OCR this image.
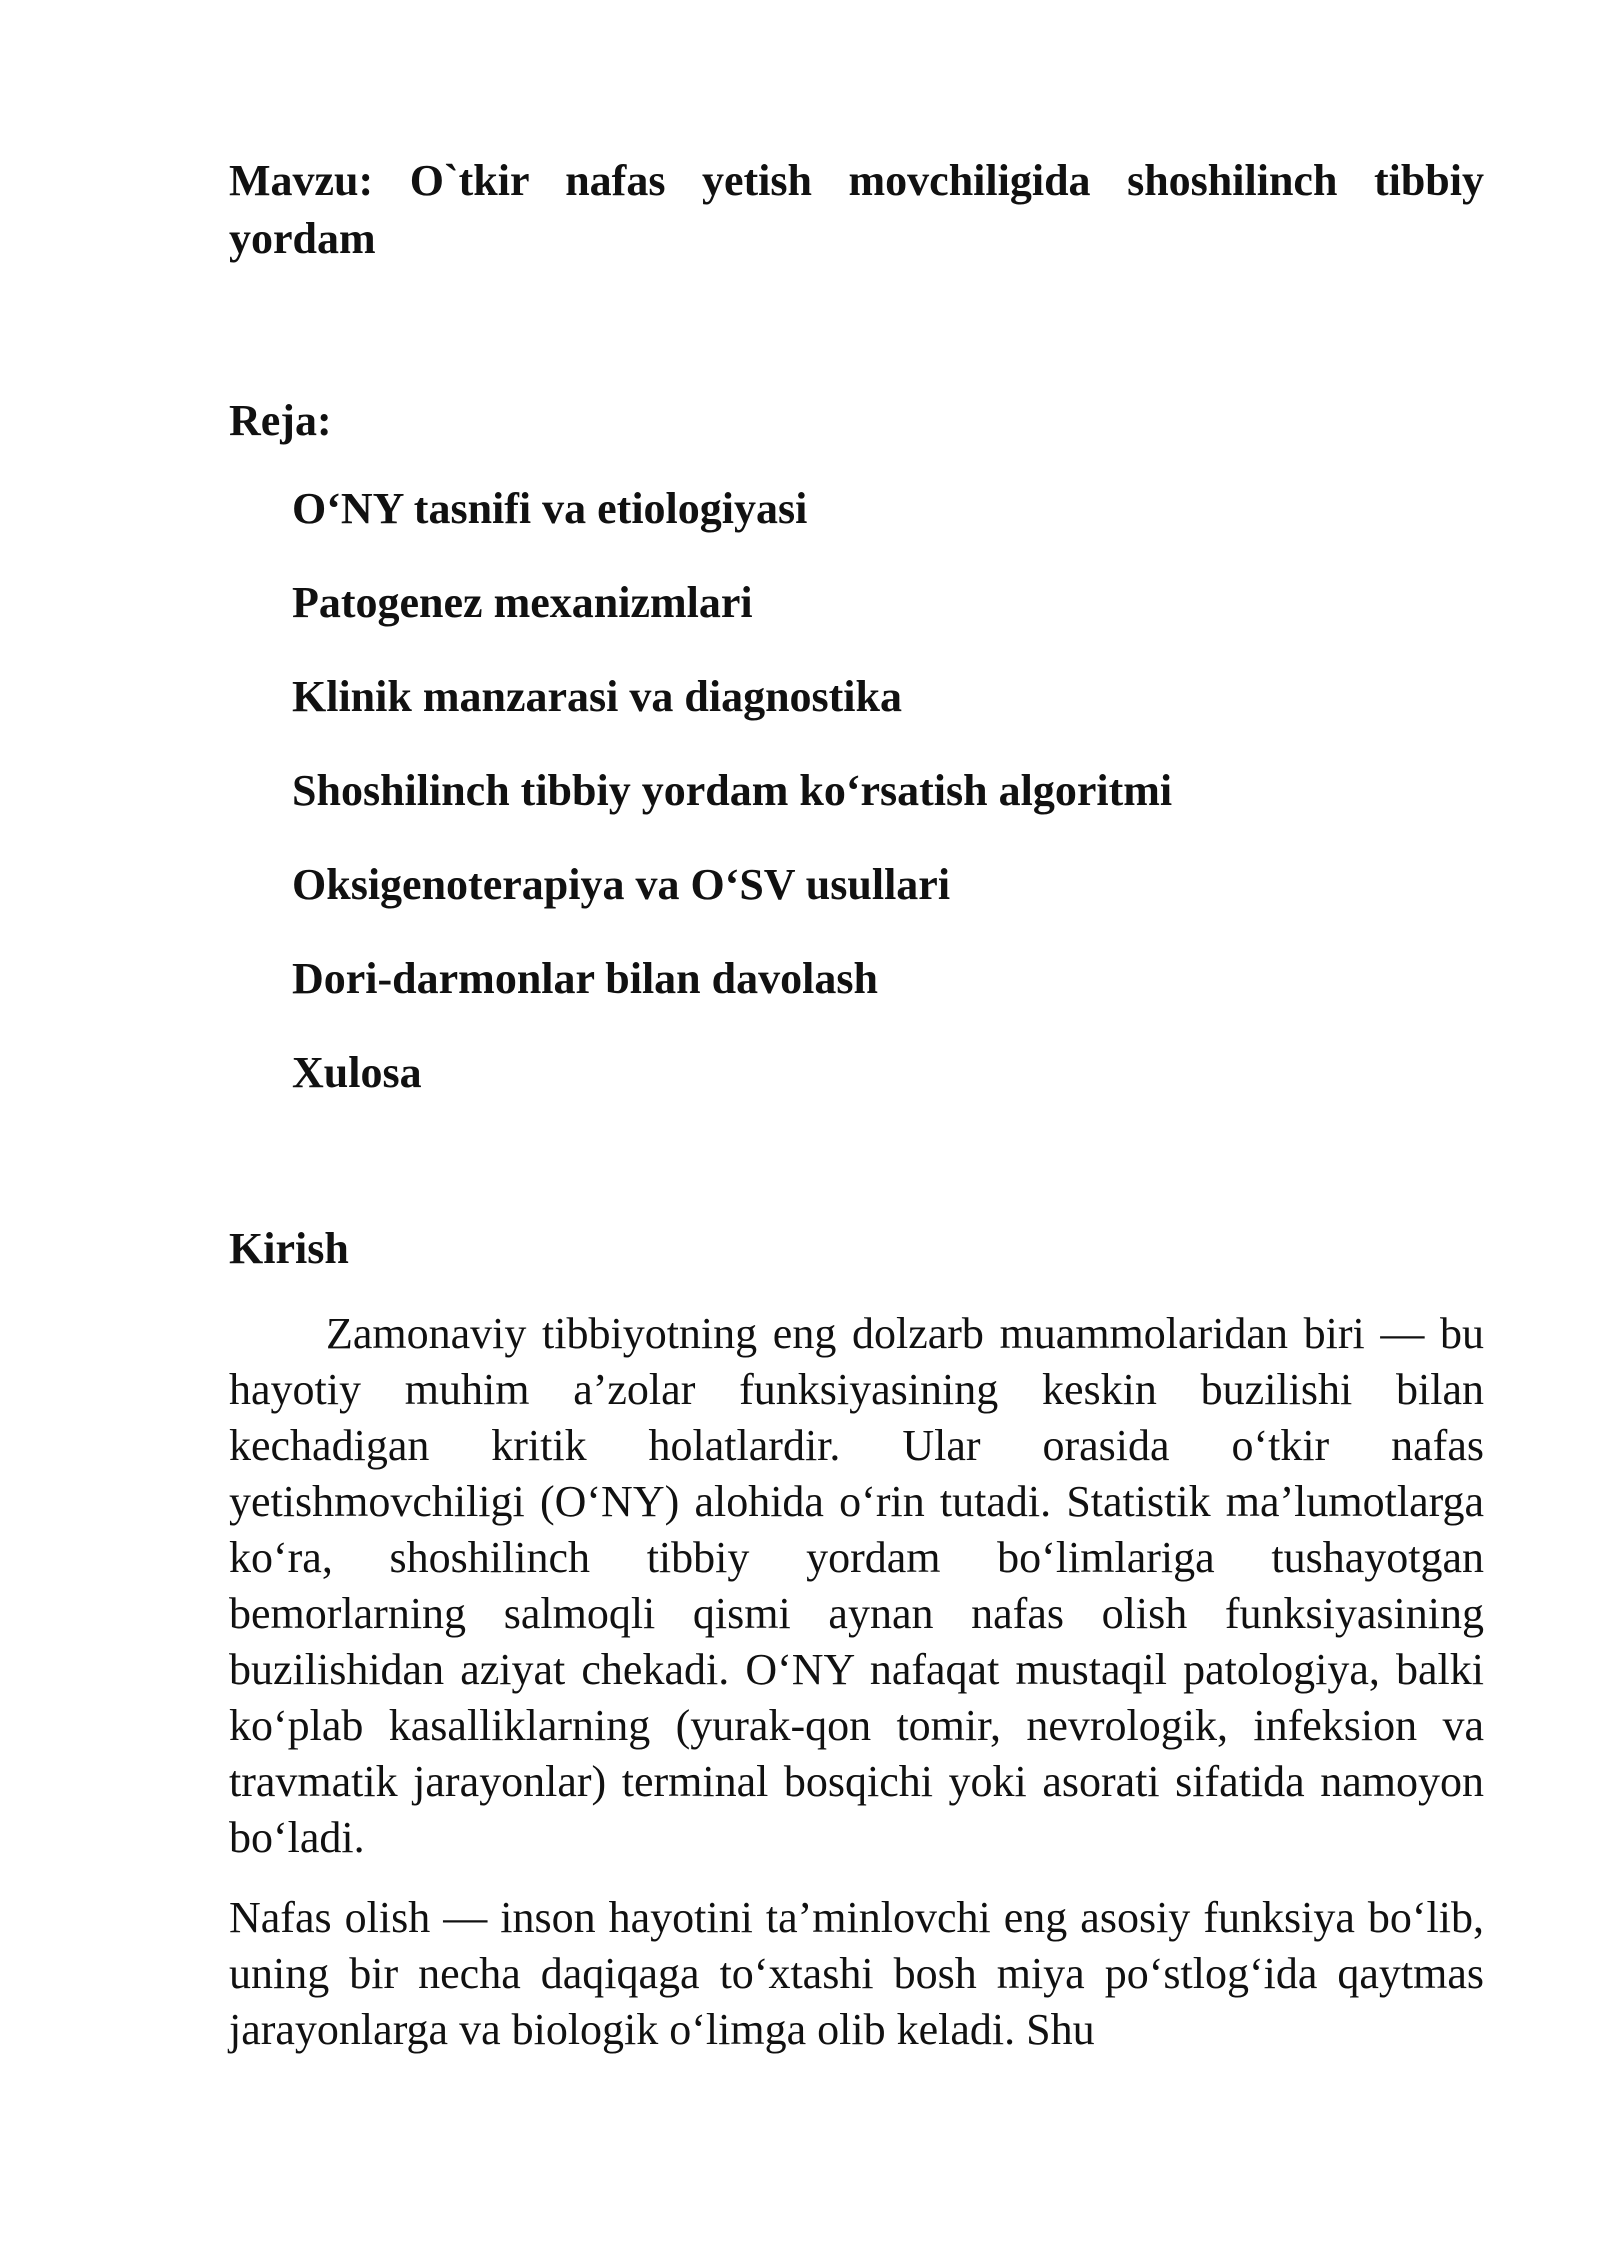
Mavzu: O`tkir nafas yetish movchiligida shoshilinch tibbiy yordam

Reja:

O‘NY tasnifi va etiologiyasi
Patogenez mexanizmlari
Klinik manzarasi va diagnostika
Shoshilinch tibbiy yordam ko‘rsatish algoritmi
Oksigenoterapiya va O‘SV usullari
Dori-darmonlar bilan davolash
Xulosa

Kirish

Zamonaviy tibbiyotning eng dolzarb muammolaridan biri — bu hayotiy muhim a’zolar funksiyasining keskin buzilishi bilan kechadigan kritik holatlardir. Ular orasida o‘tkir nafas yetishmovchiligi (O‘NY) alohida o‘rin tutadi. Statistik ma’lumotlarga ko‘ra, shoshilinch tibbiy yordam bo‘limlariga tushayotgan bemorlarning salmoqli qismi aynan nafas olish funksiyasining buzilishidan aziyat chekadi. O‘NY nafaqat mustaqil patologiya, balki ko‘plab kasalliklarning (yurak-qon tomir, nevrologik, infeksion va travmatik jarayonlar) terminal bosqichi yoki asorati sifatida namoyon bo‘ladi.

Nafas olish — inson hayotini ta’minlovchi eng asosiy funksiya bo‘lib, uning bir necha daqiqaga to‘xtashi bosh miya po‘stlog‘ida qaytmas jarayonlarga va biologik o‘limga olib keladi. Shu
